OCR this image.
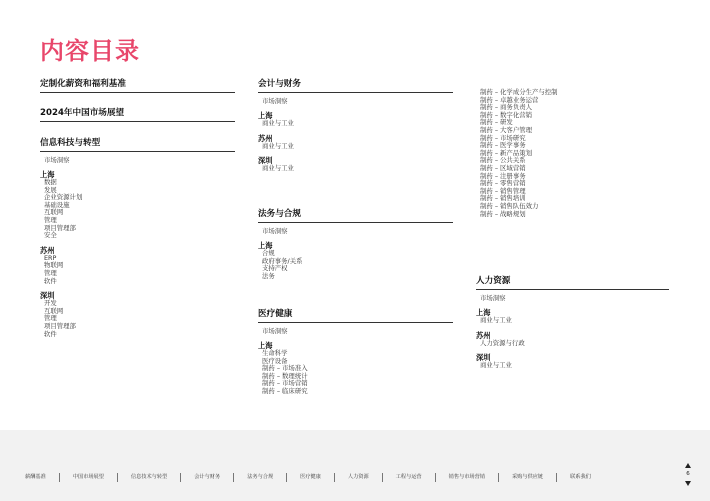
内容目录
定制化薪资和福利基准
2024年中国市场展望
信息科技与转型
市场洞察
上海
数据
发展
企业资源计划
基础设施
互联网
管理
项目管理部
安全
苏州
ERP
物联网
管理
软件
深圳
开发
互联网
管理
项目管理部
软件
会计与财务
市场洞察
上海
商业与工业
苏州
商业与工业
深圳
商业与工业
法务与合规
市场洞察
上海
合规
政府事务/关系
支持产权
法务
医疗健康
市场洞察
上海
生命科学
医疗设备
制药 – 市场准入
制药 – 数理统计
制药 – 市场营销
制药 – 临床研究
制药 – 化学成分生产与控制
制药 – 卓越业务运营
制药 – 商务负责人
制药 – 数字化营销
制药 – 研发
制药 – 大客户管理
制药 – 市场研究
制药 – 医学事务
制药 – 新产品策划
制药 – 公共关系
制药 – 区域营销
制药 – 注册事务
制药 – 零售营销
制药 – 销售管理
制药 – 销售培训
制药 – 销售队伍效力
制药 – 战略规划
人力资源
市场洞察
上海
商业与工业
苏州
人力资源与行政
深圳
商业与工业
薪酬基准	中国市场展望	信息技术与转型	会计与财务	法务与合规	医疗健康	人力资源	工程与运营	销售与市场营销	采购与供应链	联系我们	6
